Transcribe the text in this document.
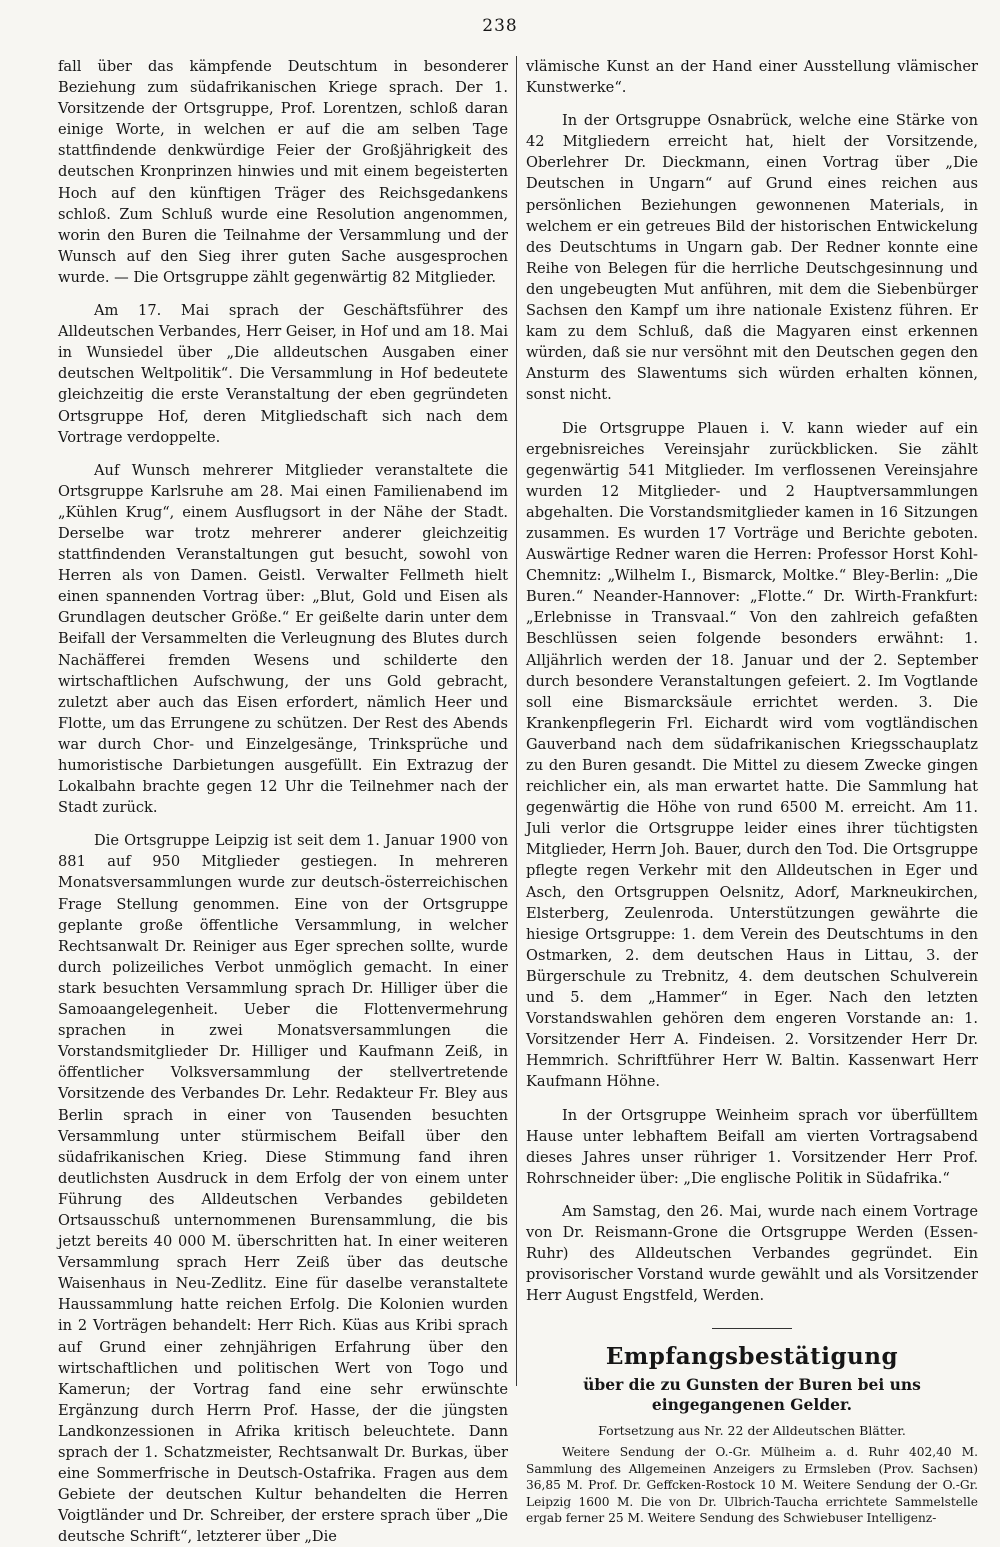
238

fall über das kämpfende Deutschtum in besonderer Beziehung zum südafrikanischen Kriege sprach. Der 1. Vorsitzende der Ortsgruppe, Prof. Lorentzen, schloß daran einige Worte, in welchen er auf die am selben Tage stattfindende denkwürdige Feier der Großjährigkeit des deutschen Kronprinzen hinwies und mit einem begeisterten Hoch auf den künftigen Träger des Reichsgedankens schloß. Zum Schluß wurde eine Resolution angenommen, worin den Buren die Teilnahme der Versammlung und der Wunsch auf den Sieg ihrer guten Sache ausgesprochen wurde. — Die Ortsgruppe zählt gegenwärtig 82 Mitglieder.

Am 17. Mai sprach der Geschäftsführer des Alldeutschen Verbandes, Herr Geiser, in Hof und am 18. Mai in Wunsiedel über „Die alldeutschen Ausgaben einer deutschen Weltpolitik“. Die Versammlung in Hof bedeutete gleichzeitig die erste Veranstaltung der eben gegründeten Ortsgruppe Hof, deren Mitgliedschaft sich nach dem Vortrage verdoppelte.

Auf Wunsch mehrerer Mitglieder veranstaltete die Ortsgruppe Karlsruhe am 28. Mai einen Familienabend im „Kühlen Krug“, einem Ausflugsort in der Nähe der Stadt. Derselbe war trotz mehrerer anderer gleichzeitig stattfindenden Veranstaltungen gut besucht, sowohl von Herren als von Damen. Geistl. Verwalter Fellmeth hielt einen spannenden Vortrag über: „Blut, Gold und Eisen als Grundlagen deutscher Größe.“ Er geißelte darin unter dem Beifall der Versammelten die Verleugnung des Blutes durch Nachäfferei fremden Wesens und schilderte den wirtschaftlichen Aufschwung, der uns Gold gebracht, zuletzt aber auch das Eisen erfordert, nämlich Heer und Flotte, um das Errungene zu schützen. Der Rest des Abends war durch Chor- und Einzelgesänge, Trinksprüche und humoristische Darbietungen ausgefüllt. Ein Extrazug der Lokalbahn brachte gegen 12 Uhr die Teilnehmer nach der Stadt zurück.

Die Ortsgruppe Leipzig ist seit dem 1. Januar 1900 von 881 auf 950 Mitglieder gestiegen. In mehreren Monatsversammlungen wurde zur deutsch-österreichischen Frage Stellung genommen. Eine von der Ortsgruppe geplante große öffentliche Versammlung, in welcher Rechtsanwalt Dr. Reiniger aus Eger sprechen sollte, wurde durch polizeiliches Verbot unmöglich gemacht. In einer stark besuchten Versammlung sprach Dr. Hilliger über die Samoaangelegenheit. Ueber die Flottenvermehrung sprachen in zwei Monatsversammlungen die Vorstandsmitglieder Dr. Hilliger und Kaufmann Zeiß, in öffentlicher Volksversammlung der stellvertretende Vorsitzende des Verbandes Dr. Lehr. Redakteur Fr. Bley aus Berlin sprach in einer von Tausenden besuchten Versammlung unter stürmischem Beifall über den südafrikanischen Krieg. Diese Stimmung fand ihren deutlichsten Ausdruck in dem Erfolg der von einem unter Führung des Alldeutschen Verbandes gebildeten Ortsausschuß unternommenen Burensammlung, die bis jetzt bereits 40 000 M. überschritten hat. In einer weiteren Versammlung sprach Herr Zeiß über das deutsche Waisenhaus in Neu-Zedlitz. Eine für daselbe veranstaltete Haussammlung hatte reichen Erfolg. Die Kolonien wurden in 2 Vorträgen behandelt: Herr Rich. Küas aus Kribi sprach auf Grund einer zehnjährigen Erfahrung über den wirtschaftlichen und politischen Wert von Togo und Kamerun; der Vortrag fand eine sehr erwünschte Ergänzung durch Herrn Prof. Hasse, der die jüngsten Landkonzessionen in Afrika kritisch beleuchtete. Dann sprach der 1. Schatzmeister, Rechtsanwalt Dr. Burkas, über eine Sommerfrische in Deutsch-Ostafrika. Fragen aus dem Gebiete der deutschen Kultur behandelten die Herren Voigtländer und Dr. Schreiber, der erstere sprach über „Die deutsche Schrift“, letzterer über „Die

vlämische Kunst an der Hand einer Ausstellung vlämischer Kunstwerke“.

In der Ortsgruppe Osnabrück, welche eine Stärke von 42 Mitgliedern erreicht hat, hielt der Vorsitzende, Oberlehrer Dr. Dieckmann, einen Vortrag über „Die Deutschen in Ungarn“ auf Grund eines reichen aus persönlichen Beziehungen gewonnenen Materials, in welchem er ein getreues Bild der historischen Entwickelung des Deutschtums in Ungarn gab. Der Redner konnte eine Reihe von Belegen für die herrliche Deutschgesinnung und den ungebeugten Mut anführen, mit dem die Siebenbürger Sachsen den Kampf um ihre nationale Existenz führen. Er kam zu dem Schluß, daß die Magyaren einst erkennen würden, daß sie nur versöhnt mit den Deutschen gegen den Ansturm des Slawentums sich würden erhalten können, sonst nicht.

Die Ortsgruppe Plauen i. V. kann wieder auf ein ergebnisreiches Vereinsjahr zurückblicken. Sie zählt gegenwärtig 541 Mitglieder. Im verflossenen Vereinsjahre wurden 12 Mitglieder- und 2 Hauptversammlungen abgehalten. Die Vorstandsmitglieder kamen in 16 Sitzungen zusammen. Es wurden 17 Vorträge und Berichte geboten. Auswärtige Redner waren die Herren: Professor Horst Kohl-Chemnitz: „Wilhelm I., Bismarck, Moltke.“ Bley-Berlin: „Die Buren.“ Neander-Hannover: „Flotte.“ Dr. Wirth-Frankfurt: „Erlebnisse in Transvaal.“ Von den zahlreich gefaßten Beschlüssen seien folgende besonders erwähnt: 1. Alljährlich werden der 18. Januar und der 2. September durch besondere Veranstaltungen gefeiert. 2. Im Vogtlande soll eine Bismarcksäule errichtet werden. 3. Die Krankenpflegerin Frl. Eichardt wird vom vogtländischen Gauverband nach dem südafrikanischen Kriegsschauplatz zu den Buren gesandt. Die Mittel zu diesem Zwecke gingen reichlicher ein, als man erwartet hatte. Die Sammlung hat gegenwärtig die Höhe von rund 6500 M. erreicht. Am 11. Juli verlor die Ortsgruppe leider eines ihrer tüchtigsten Mitglieder, Herrn Joh. Bauer, durch den Tod. Die Ortsgruppe pflegte regen Verkehr mit den Alldeutschen in Eger und Asch, den Ortsgruppen Oelsnitz, Adorf, Markneukirchen, Elsterberg, Zeulenroda. Unterstützungen gewährte die hiesige Ortsgruppe: 1. dem Verein des Deutschtums in den Ostmarken, 2. dem deutschen Haus in Littau, 3. der Bürgerschule zu Trebnitz, 4. dem deutschen Schulverein und 5. dem „Hammer“ in Eger. Nach den letzten Vorstandswahlen gehören dem engeren Vorstande an: 1. Vorsitzender Herr A. Findeisen. 2. Vorsitzender Herr Dr. Hemmrich. Schriftführer Herr W. Baltin. Kassenwart Herr Kaufmann Höhne.

In der Ortsgruppe Weinheim sprach vor überfülltem Hause unter lebhaftem Beifall am vierten Vortragsabend dieses Jahres unser rühriger 1. Vorsitzender Herr Prof. Rohrschneider über: „Die englische Politik in Südafrika.“

Am Samstag, den 26. Mai, wurde nach einem Vortrage von Dr. Reismann-Grone die Ortsgruppe Werden (Essen-Ruhr) des Alldeutschen Verbandes gegründet. Ein provisorischer Vorstand wurde gewählt und als Vorsitzender Herr August Engstfeld, Werden.

Empfangsbestätigung
über die zu Gunsten der Buren bei uns
eingegangenen Gelder.
Fortsetzung aus Nr. 22 der Alldeutschen Blätter.

Weitere Sendung der O.-Gr. Mülheim a. d. Ruhr 402,40 M. Sammlung des Allgemeinen Anzeigers zu Ermsleben (Prov. Sachsen) 36,85 M. Prof. Dr. Geffcken-Rostock 10 M. Weitere Sendung der O.-Gr. Leipzig 1600 M. Die von Dr. Ulbrich-Taucha errichtete Sammelstelle ergab ferner 25 M. Weitere Sendung des Schwiebuser Intelligenz-
